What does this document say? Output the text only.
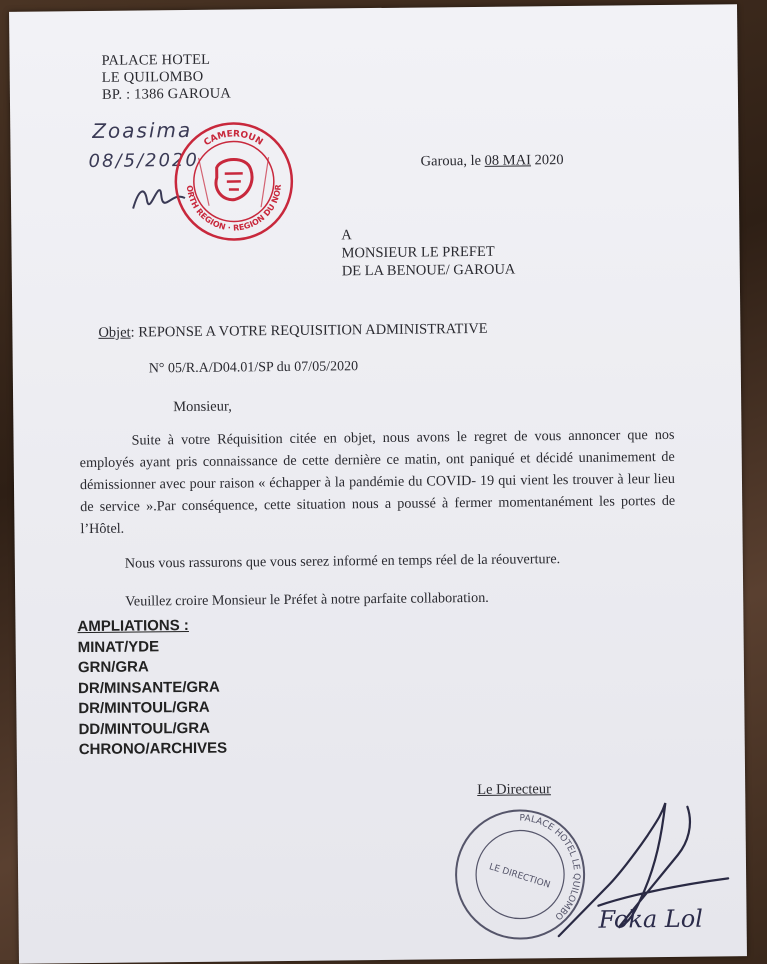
PALACE HOTEL
LE QUILOMBO
BP. : 1386 GAROUA
Zoasima
08/5/2020
CAMEROUN
NORTH REGION · REGION DU NORD
Garoua, le 08 MAI 2020
A
MONSIEUR LE PREFET
DE LA BENOUE/ GAROUA
Objet: REPONSE A VOTRE REQUISITION ADMINISTRATIVE
N° 05/R.A/D04.01/SP du 07/05/2020
Monsieur,
Suite à votre Réquisition citée en objet, nous avons le regret de vous annoncer que nos employés ayant pris connaissance de cette dernière ce matin, ont paniqué et décidé unanimement de démissionner avec pour raison « échapper à la pandémie du COVID- 19 qui vient les trouver à leur lieu de service ».Par conséquence, cette situation nous a poussé à fermer momentanément les portes de l’Hôtel.
Nous vous rassurons que vous serez informé en temps réel de la réouverture.
Veuillez croire Monsieur le Préfet à notre parfaite collaboration.
AMPLIATIONS :
MINAT/YDE
GRN/GRA
DR/MINSANTE/GRA
DR/MINTOUL/GRA
DD/MINTOUL/GRA
CHRONO/ARCHIVES
Le Directeur
PALACE HOTEL LE QUILOMBO
LE DIRECTION
Foka Lol
